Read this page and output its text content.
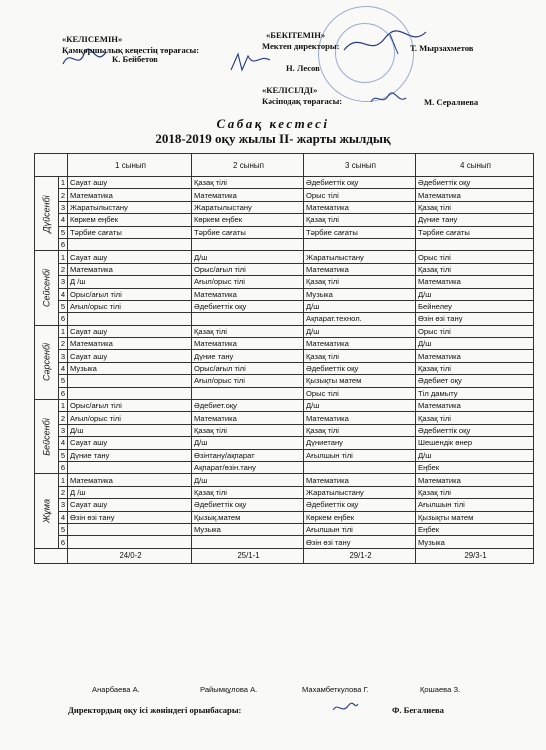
«КЕЛІСЕМІН»
Қамқоршылық кеңестің төрағасы:
К. Бейбетов
«БЕКІТЕМІН»
Мектеп директоры:	Т. Мырзахметов
Н. Лесов
«КЕЛІСІЛДІ»
Кәсіподақ төрағасы:	М. Сералиева
Сабақ кестесі
2018-2019 оқу жылы ІІ- жарты жылдық
		1 сынып	2 сынып	3 сынып	4 сынып

Дүйсенбі	1	Сауат ашу	Қазақ тілі	Әдебиеттік оқу	Әдебиеттік оқу
	2	Математика	Математика	Орыс тілі	Математика
	3	Жаратылыстану	Жаратылыстану	Математика	Қазақ тілі
	4	Көркем еңбек	Көркем еңбек	Қазақ тілі	Дүние тану
	5	Тәрбие сағаты	Тәрбие сағаты	Тәрбие сағаты	Тәрбие сағаты
	6				

Сейсенбі	1	Сауат ашу	Д/ш	Жаратылыстану	Орыс тілі
	2	Математика	Орыс/ағыл тілі	Математика	Қазақ тілі
	3	Д /ш	Ағыл/орыс тілі	Қазақ тілі	Математика
	4	Орыс/ағыл тілі	Математика	Музыка	Д/ш
	5	Ағыл/орыс тілі	Әдебиеттік оқу	Д/ш	Бейнелеу
	6			Ақпарат.технол.	Өзін өзі тану

Сәрсенбі	1	Сауат ашу	Қазақ тілі	Д/ш	Орыс тілі
	2	Математика	Математика	Математика	Д/ш
	3	Сауат ашу	Дүние тану	Қазақ тілі	Математика
	4	Музыка	Орыс/ағыл тілі	Әдебиеттік оқу	Қазақ тілі
	5		Ағыл/орыс тілі	Қызықты матем	Әдебиет оқу
	6			Орыс тілі	Тіл дамыту

Бейсенбі	1	Орыс/ағыл тілі	Әдебиет.оқу	Д/ш	Математика
	2	Ағыл/орыс тілі	Математика	Математика	Қазақ тілі
	3	Д/ш	Қазақ тілі	Қазақ тілі	Әдебиеттік оқу
	4	Сауат ашу	Д/ш	Дүниетану	Шешендік өнер
	5	Дүние тану	Өзінтану/ақпарат	Ағылшын тілі	Д/ш
	6		Ақпарат/өзін.тану		Еңбек

Жұма	1	Математика	Д/ш	Математика	Математика
	2	Д /ш	Қазақ тілі	Жаратылыстану	Қазақ тілі
	3	Сауат ашу	Әдебиеттік оқу	Әдебиеттік оқу	Ағылшын тілі
	4	Өзін өзі тану	Қызық.матем	Көркем еңбек	Қызықты матем
	5		Музыка	Ағылшын тілі	Еңбек
	6			Өзін өзі тану	Музыка
		24/0-2	25/1-1	29/1-2	29/3-1
Анарбаева А.	Райымқұлова А.	Махамбеткулова Г.	Қошаева З.
Директордың оқу ісі жөніндегі орынбасары:	Ф. Бегалиева
